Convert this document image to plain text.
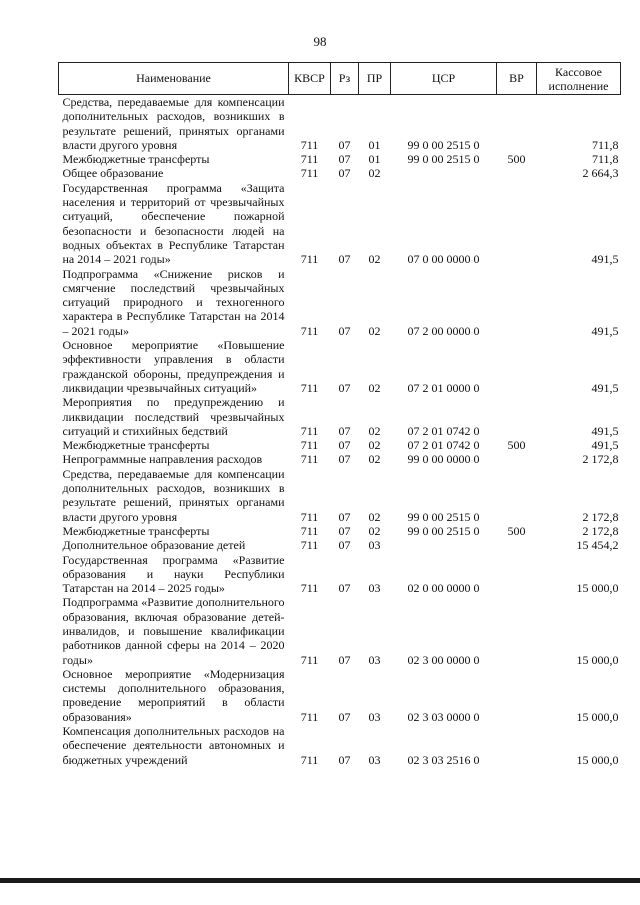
98
Наименование	КВСР	Рз	ПР	ЦСР	ВР	Кассовое исполнение
Средства, передаваемые для компенсации дополнительных расходов, возникших в результате решений, принятых органами власти другого уровня	711	07	01	99 0 00 2515 0		711,8
Межбюджетные трансферты	711	07	01	99 0 00 2515 0	500	711,8
Общее образование	711	07	02			2 664,3
Государственная программа «Защита населения и территорий от чрезвычайных ситуаций, обеспечение пожарной безопасности и безопасности людей на водных объектах в Республике Татарстан на 2014 – 2021 годы»	711	07	02	07 0 00 0000 0		491,5
Подпрограмма «Снижение рисков и смягчение последствий чрезвычайных ситуаций природного и техногенного характера в Республике Татарстан на 2014 – 2021 годы»	711	07	02	07 2 00 0000 0		491,5
Основное мероприятие «Повышение эффективности управления в области гражданской обороны, предупреждения и ликвидации чрезвычайных ситуаций»	711	07	02	07 2 01 0000 0		491,5
Мероприятия по предупреждению и ликвидации последствий чрезвычайных ситуаций и стихийных бедствий	711	07	02	07 2 01 0742 0		491,5
Межбюджетные трансферты	711	07	02	07 2 01 0742 0	500	491,5
Непрограммные направления расходов	711	07	02	99 0 00 0000 0		2 172,8
Средства, передаваемые для компенсации дополнительных расходов, возникших в результате решений, принятых органами власти другого уровня	711	07	02	99 0 00 2515 0		2 172,8
Межбюджетные трансферты	711	07	02	99 0 00 2515 0	500	2 172,8
Дополнительное образование детей	711	07	03			15 454,2
Государственная программа «Развитие образования и науки Республики Татарстан на 2014 – 2025 годы»	711	07	03	02 0 00 0000 0		15 000,0
Подпрограмма «Развитие дополнительного образования, включая образование детей-инвалидов, и повышение квалификации работников данной сферы на 2014 – 2020 годы»	711	07	03	02 3 00 0000 0		15 000,0
Основное мероприятие «Модернизация системы дополнительного образования, проведение мероприятий в области образования»	711	07	03	02 3 03 0000 0		15 000,0
Компенсация дополнительных расходов на обеспечение деятельности автономных и бюджетных учреждений	711	07	03	02 3 03 2516 0		15 000,0
